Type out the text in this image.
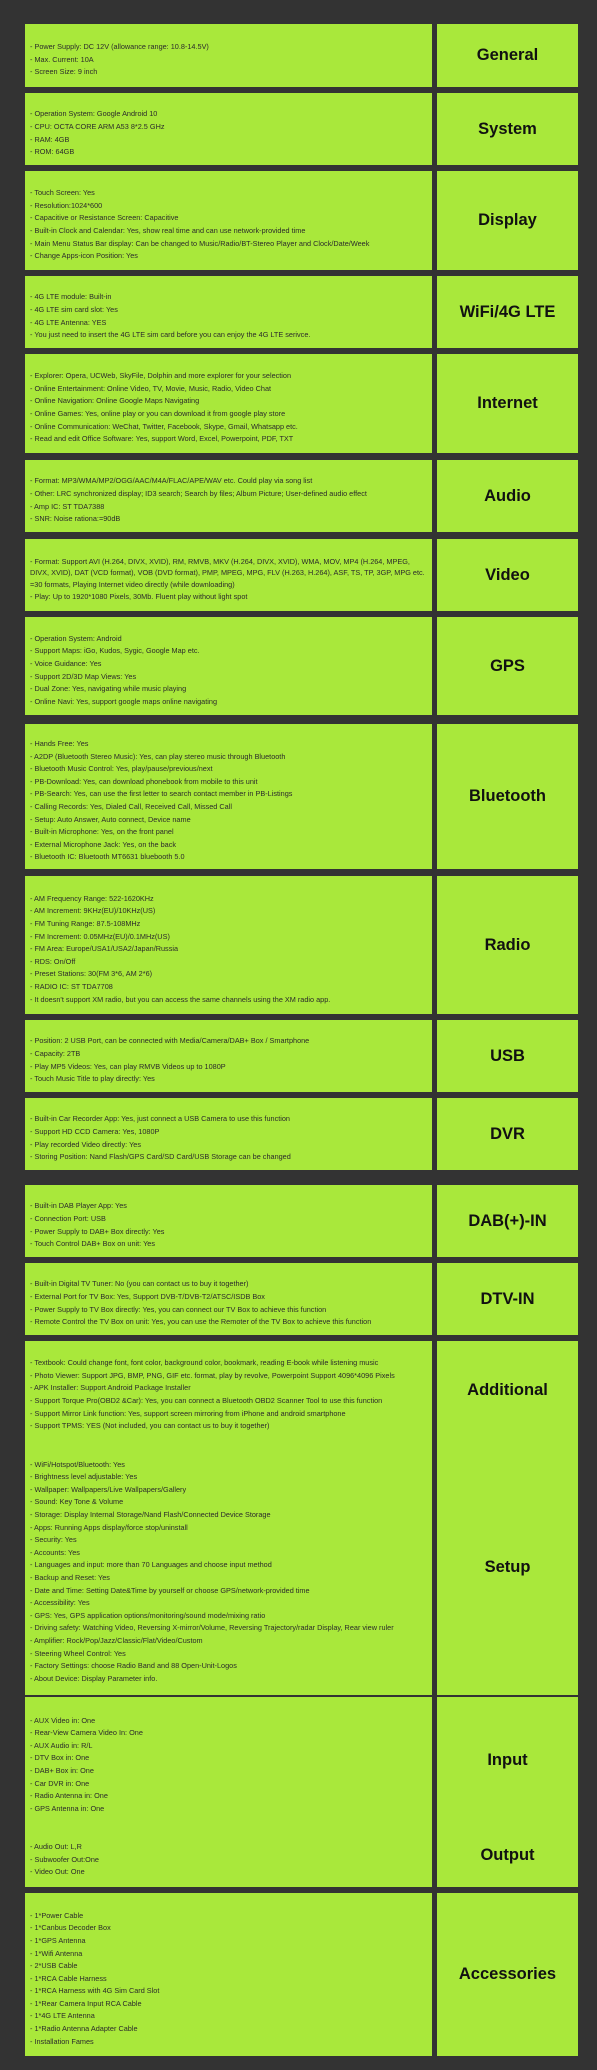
- Power Supply: DC 12V (allowance range: 10.8-14.5V)
- Max. Current: 10A
- Screen Size: 9 inch
General
- Operation System: Google Android 10
- CPU: OCTA CORE ARM A53 8*2.5 GHz
- RAM: 4GB
- ROM: 64GB
System
- Touch Screen: Yes
- Resolution:1024*600
- Capacitive or Resistance Screen: Capacitive
- Built-in Clock and Calendar: Yes, show real time and can use network-provided time
- Main Menu Status Bar display: Can be changed to Music/Radio/BT-Stereo Player and Clock/Date/Week
- Change Apps-icon Position: Yes
Display
- 4G LTE module: Built-in
- 4G LTE sim card slot: Yes
- 4G LTE Antenna: YES
- You just need to insert the 4G LTE sim card before you can enjoy the 4G LTE serivce.
WiFi/4G LTE
- Explorer: Opera, UCWeb, SkyFile, Dolphin and more explorer for your selection
- Online Entertainment: Online Video, TV, Movie, Music, Radio, Video Chat
- Online Navigation: Online Google Maps Navigating
- Online Games: Yes, online play or you can download it from google play store
- Online Communication: WeChat, Twitter, Facebook, Skype, Gmail, Whatsapp etc.
- Read and edit Office Software: Yes, support Word, Excel, Powerpoint, PDF, TXT
Internet
- Format: MP3/WMA/MP2/OGG/AAC/M4A/FLAC/APE/WAV etc. Could play via song list
- Other: LRC synchronized display; ID3 search; Search by files; Album Picture; User-defined audio effect
- Amp IC: ST TDA7388
- SNR: Noise rationa:=90dB
Audio
- Format: Support AVI (H.264, DIVX, XVID), RM, RMVB, MKV (H.264, DIVX, XVID), WMA, MOV, MP4 (H.264, MPEG, DIVX, XVID), DAT (VCD format), VOB (DVD format), PMP, MPEG, MPG, FLV (H.263, H.264), ASF, TS, TP, 3GP, MPG etc. =30 formats, Playing Internet video directly (while downloading)
- Play: Up to 1920*1080 Pixels, 30Mb. Fluent play without light spot
Video
- Operation System: Android
- Support Maps: iGo, Kudos, Sygic, Google Map etc.
- Voice Guidance: Yes
- Support 2D/3D Map Views: Yes
- Dual Zone: Yes, navigating while music playing
- Online Navi: Yes, support google maps online navigating
GPS
- Hands Free: Yes
- A2DP (Bluetooth Stereo Music): Yes, can play stereo music through Bluetooth
- Bluetooth Music Control: Yes, play/pause/previous/next
- PB-Download: Yes, can download phonebook from mobile to this unit
- PB-Search: Yes, can use the first letter to search contact member in PB-Listings
- Calling Records: Yes, Dialed Call, Received Call, Missed Call
- Setup: Auto Answer, Auto connect, Device name
- Built-in Microphone: Yes, on the front panel
- External Microphone Jack: Yes, on the back
- Bluetooth IC: Bluetooth MT6631 bluebooth 5.0
Bluetooth
- AM Frequency Range: 522-1620KHz
- AM Increment: 9KHz(EU)/10KHz(US)
- FM Tuning Range: 87.5-108MHz
- FM Increment: 0.05MHz(EU)/0.1MHz(US)
- FM Area: Europe/USA1/USA2/Japan/Russia
- RDS: On/Off
- Preset Stations: 30(FM 3*6, AM 2*6)
- RADIO IC: ST TDA7708
- It doesn't support XM radio, but you can access the same channels using the XM radio app.
Radio
- Position: 2 USB Port, can be connected with Media/Camera/DAB+ Box / Smartphone
- Capacity: 2TB
- Play MP5 Videos: Yes, can play RMVB Videos up to 1080P
- Touch Music Title to play directly: Yes
USB
- Built-in Car Recorder App: Yes, just connect a USB Camera to use this function
- Support HD CCD Camera: Yes, 1080P
- Play recorded Video directly: Yes
- Storing Position: Nand Flash/GPS Card/SD Card/USB Storage can be changed
DVR
- Built-in DAB Player App: Yes
- Connection Port: USB
- Power Supply to DAB+ Box directly: Yes
- Touch Control DAB+ Box on unit: Yes
DAB(+)-IN
- Built-in Digital TV Tuner: No (you can contact us to buy it together)
- External Port for TV Box: Yes, Support DVB-T/DVB-T2/ATSC/ISDB Box
- Power Supply to TV Box directly: Yes, you can connect our TV Box to achieve this function
- Remote Control the TV Box on unit: Yes, you can use the Remoter of the TV Box to achieve this function
DTV-IN
- Textbook: Could change font, font color, background color, bookmark, reading E-book while listening music
- Photo Viewer: Support JPG, BMP, PNG, GIF etc. format, play by revolve, Powerpoint Support 4096*4096 Pixels
- APK Installer: Support Android Package Installer
- Support Torque Pro(OBD2 &Car): Yes, you can connect a Bluetooth OBD2 Scanner Tool to use this function
- Support Mirror Link function: Yes, support screen mirroring from iPhone and android smartphone
- Support TPMS: YES (Not included, you can contact us to buy it together)
Additional
- WiFi/Hotspot/Bluetooth: Yes
- Brightness level adjustable: Yes
- Wallpaper: Wallpapers/Live Wallpapers/Gallery
- Sound: Key Tone & Volume
- Storage: Display Internal Storage/Nand Flash/Connected Device Storage
- Apps: Running Apps display/force stop/uninstall
- Security: Yes
- Accounts: Yes
- Languages and input: more than 70 Languages and choose input method
- Backup and Reset: Yes
- Date and Time: Setting Date&Time by yourself or choose GPS/network-provided time
- Accessibility: Yes
- GPS: Yes, GPS application options/monitoring/sound mode/mixing ratio
- Driving safety: Watching Video, Reversing X-mirror/Volume, Reversing Trajectory/radar Display, Rear view ruler
- Amplifier: Rock/Pop/Jazz/Classic/Flat/Video/Custom
- Steering Wheel Control: Yes
- Factory Settings: choose Radio Band and 88 Open-Unit-Logos
- About Device: Display Parameter info.
Setup
- AUX Video in: One
- Rear-View Camera Video In: One
- AUX Audio in: R/L
- DTV Box in: One
- DAB+ Box in: One
- Car DVR in: One
- Radio Antenna in: One
- GPS Antenna in: One
Input
- Audio Out: L,R
- Subwoofer Out:One
- Video Out: One
Output
- 1*Power Cable
- 1*Canbus Decoder Box
- 1*GPS Antenna
- 1*Wifi Antenna
- 2*USB Cable
- 1*RCA Cable Harness
- 1*RCA Harness with 4G Sim Card Slot
- 1*Rear Camera Input RCA Cable
- 1*4G LTE Antenna
- 1*Radio Antenna Adapter Cable
- Installation Fames
Accessories
